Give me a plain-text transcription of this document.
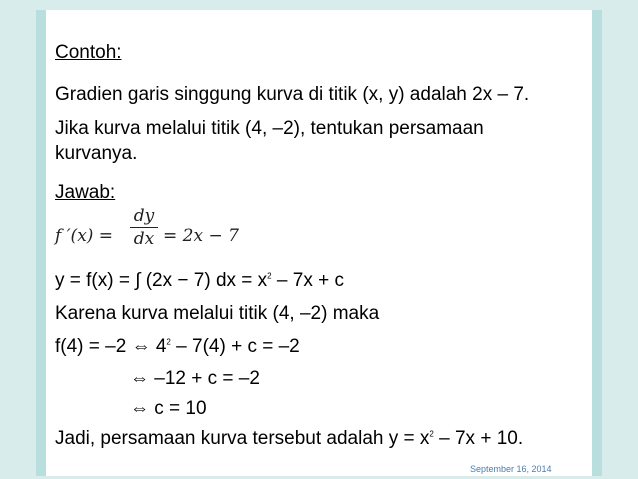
Contoh:
Gradien garis singgung kurva di titik (x, y) adalah 2x – 7.
Jika kurva melalui titik (4, –2), tentukan persamaan
kurvanya.
Jawab:
f ′(x) =
dy
dx = 2x − 7
y = f(x) = ∫ (2x − 7) dx = $x^2 - 7x + c$
Karena kurva melalui titik (4, –2) maka
f(4) = –2 ⇔ $4^2 - 7(4) + c = -2$
⇔ –12 + c = –2
⇔ c = 10
Jadi, persamaan kurva tersebut adalah $y = x^2 - 7x + 10$.
September 16, 2014
